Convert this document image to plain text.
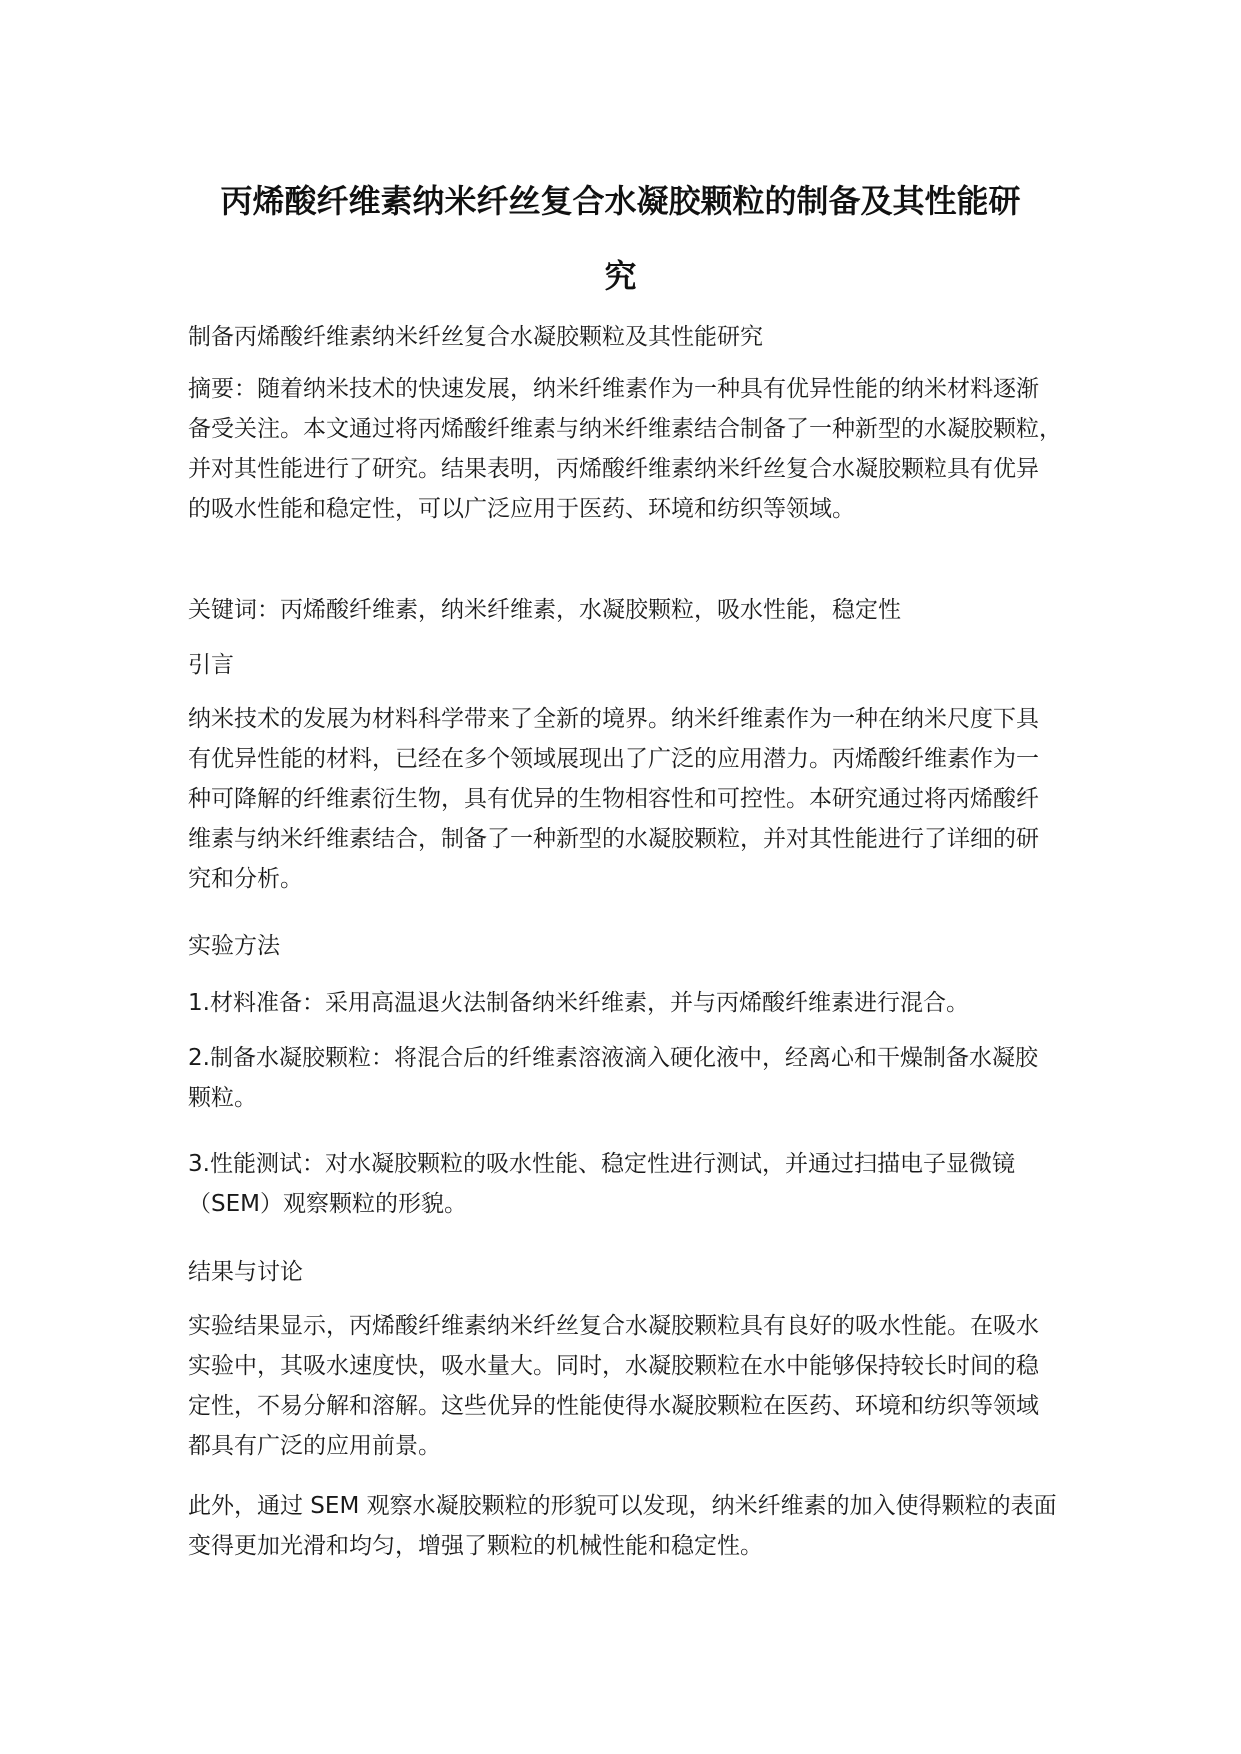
丙烯酸纤维素纳米纤丝复合水凝胶颗粒的制备及其性能研
究

制备丙烯酸纤维素纳米纤丝复合水凝胶颗粒及其性能研究

摘要：随着纳米技术的快速发展，纳米纤维素作为一种具有优异性能的纳米材料逐渐
备受关注。本文通过将丙烯酸纤维素与纳米纤维素结合制备了一种新型的水凝胶颗粒，
并对其性能进行了研究。结果表明，丙烯酸纤维素纳米纤丝复合水凝胶颗粒具有优异
的吸水性能和稳定性，可以广泛应用于医药、环境和纺织等领域。

关键词：丙烯酸纤维素，纳米纤维素，水凝胶颗粒，吸水性能，稳定性

引言

纳米技术的发展为材料科学带来了全新的境界。纳米纤维素作为一种在纳米尺度下具
有优异性能的材料，已经在多个领域展现出了广泛的应用潜力。丙烯酸纤维素作为一
种可降解的纤维素衍生物，具有优异的生物相容性和可控性。本研究通过将丙烯酸纤
维素与纳米纤维素结合，制备了一种新型的水凝胶颗粒，并对其性能进行了详细的研
究和分析。

实验方法

1.材料准备：采用高温退火法制备纳米纤维素，并与丙烯酸纤维素进行混合。

2.制备水凝胶颗粒：将混合后的纤维素溶液滴入硬化液中，经离心和干燥制备水凝胶
颗粒。

3.性能测试：对水凝胶颗粒的吸水性能、稳定性进行测试，并通过扫描电子显微镜
（SEM）观察颗粒的形貌。

结果与讨论

实验结果显示，丙烯酸纤维素纳米纤丝复合水凝胶颗粒具有良好的吸水性能。在吸水
实验中，其吸水速度快，吸水量大。同时，水凝胶颗粒在水中能够保持较长时间的稳
定性，不易分解和溶解。这些优异的性能使得水凝胶颗粒在医药、环境和纺织等领域
都具有广泛的应用前景。

此外，通过 SEM 观察水凝胶颗粒的形貌可以发现，纳米纤维素的加入使得颗粒的表面
变得更加光滑和均匀，增强了颗粒的机械性能和稳定性。
